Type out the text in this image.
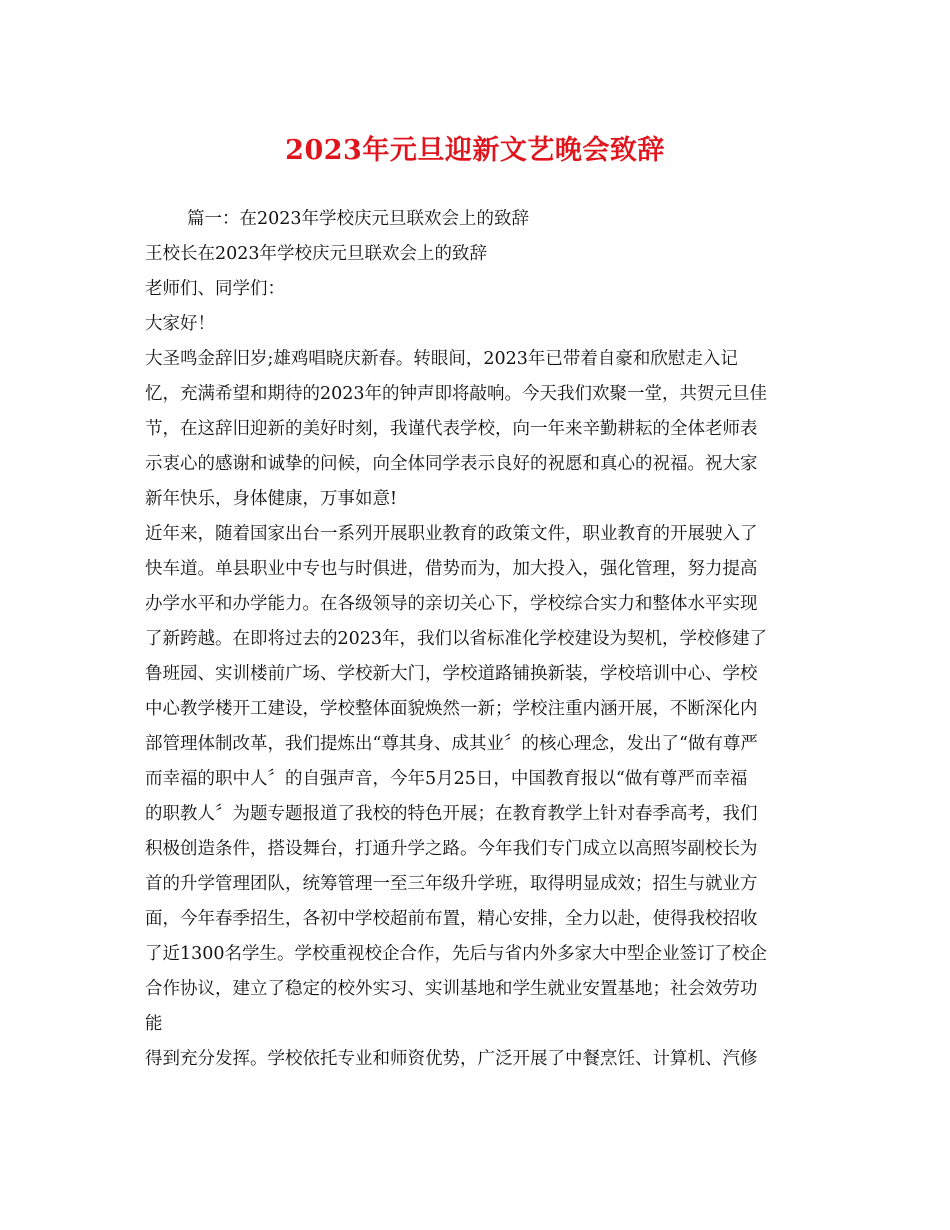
2023年元旦迎新文艺晚会致辞
篇一：在2023年学校庆元旦联欢会上的致辞
王校长在2023年学校庆元旦联欢会上的致辞
老师们、同学们：
大家好！
大圣鸣金辞旧岁;雄鸡唱晓庆新春。转眼间，2023年已带着自豪和欣慰走入记
忆，充满希望和期待的2023年的钟声即将敲响。今天我们欢聚一堂，共贺元旦佳
节，在这辞旧迎新的美好时刻，我谨代表学校，向一年来辛勤耕耘的全体老师表
示衷心的感谢和诚挚的问候，向全体同学表示良好的祝愿和真心的祝福。祝大家
新年快乐，身体健康，万事如意!
近年来，随着国家出台一系列开展职业教育的政策文件，职业教育的开展驶入了
快车道。单县职业中专也与时俱进，借势而为，加大投入，强化管理，努力提高
办学水平和办学能力。在各级领导的亲切关心下，学校综合实力和整体水平实现
了新跨越。在即将过去的2023年，我们以省标准化学校建设为契机，学校修建了
鲁班园、实训楼前广场、学校新大门，学校道路铺换新装，学校培训中心、学校
中心教学楼开工建设，学校整体面貌焕然一新；学校注重内涵开展，不断深化内
部管理体制改革，我们提炼出“尊其身、成其业〞的核心理念，发出了“做有尊严
而幸福的职中人〞的自强声音，今年5月25日，中国教育报以“做有尊严而幸福
的职教人〞为题专题报道了我校的特色开展；在教育教学上针对春季高考，我们
积极创造条件，搭设舞台，打通升学之路。今年我们专门成立以高照岑副校长为
首的升学管理团队，统筹管理一至三年级升学班，取得明显成效；招生与就业方
面，今年春季招生，各初中学校超前布置，精心安排，全力以赴，使得我校招收
了近1300名学生。学校重视校企合作，先后与省内外多家大中型企业签订了校企
合作协议，建立了稳定的校外实习、实训基地和学生就业安置基地；社会效劳功
能
得到充分发挥。学校依托专业和师资优势，广泛开展了中餐烹饪、计算机、汽修
